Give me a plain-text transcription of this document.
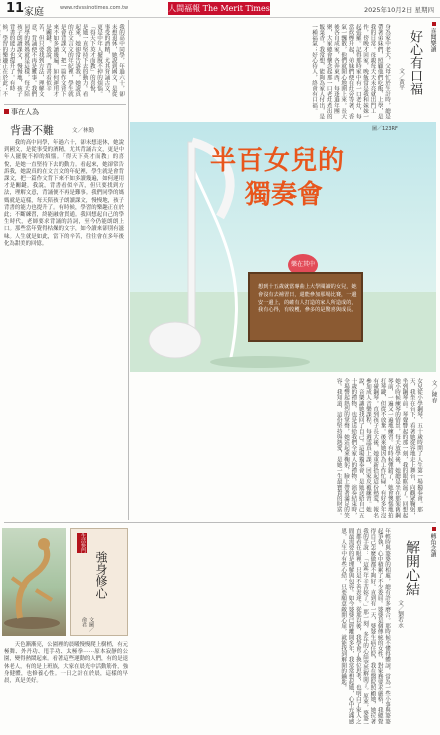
11 家庭	www.rdvssinotimes.com.tw	人間福報 The Merit Times	2025年10月2日 星期四
喜聞樂讀
好心有口福
文／黃平
身為家中老大，父母忙於生計時，總是帶著弟妹們，照顧他們吃飯、上學，是我的日常。母親每天天未亮就出門工作，傍晚才回家，晚飯常是我和妹妹一起張羅。記得那時家中有一口老灶，每當炊煙升起，弟妹們便在灶旁等著，香氣一飄散，他們就開心地圍上來。長大後各自成家，各奔東西，每逢過年團聚，大家總會懷念起那一口老灶煮出的飯菜香。我常想，能夠為家人付出，是一種福氣；好心待人，終會有口福。
我的高中同學，年過六十，卻未想退休，她說到國文，是從事受的酒精，尤其背誦古文，更是中年人擺脫不掉的煩惱。「得天下英才而教」的喜悅，是她一直堅持下去的動力。看起來，她卻常告訴我，她說真的在文言文的年紀裡，學生就是會背課文，把一篇作文背下來不如多讀幾遍，如何運用才是關鍵。我說，背書看似辛苦，但只要找到方法，理解文意，背誦便不再是難事。我們同學的媽媽就是這樣，每天陪孩子朗讀課文，慢慢地，孩子背書的能力也提升了。有時候，學習的樂趣正在於此；不
事在人為
背書不難	文／林勤

我的高中同學，年過六十，卻未想退休，她說到國文，是從事受的酒精，尤其背誦古文，更是中年人擺脫不掉的煩惱。「得天下英才而教」的喜悅，是她一直堅持下去的動力。看起來，她卻常告訴我，她說真的在文言文的年紀裡，學生就是會背課文，把一篇作文背下來不如多讀幾遍，如何運用才是關鍵。我說，背書看似辛苦，但只要找到方法，理解文意，背誦便不再是難事。我們同學的媽媽就是這樣，每天陪孩子朗讀課文，慢慢地，孩子背書的能力也提升了。有時候，學習的樂趣正在於此；不斷練習，終能融會貫通。我回想起自己的學生時代，老師要求背誦的詩詞，至今仍能朗朗上口。那些當年覺得枯燥的文字，如今讀來卻別有滋味。人生就是如此，當下的辛苦，往往會在多年後化為甜美的回憶。

圖／123RF
半百女兒的
獨奏會
樂在其中
想到十五歲就當專曲上大學閱讀的女兒，她會沒有去補習日，還能參加那場比賽，一邊安一邊上，的確有人打造的家人所造成的，我有心得，有收穫，參多的是驚喜與成長。
文／陳春
女兒從小學鋼琴，五十歲時開了人生第一場獨奏會。那天，我坐在台下，看著她從容地走上舞台，向觀眾鞠躬，坐到鋼琴前。琴聲響起的那一刻，我的眼眶濕了。回想起她小時候練琴的情景，每天放學後，她總是坐在那架舊鋼琴前，一遍又一遍地練習。有時候彈錯了，她會懊惱地拍打琴鍵，但從不放棄。後來她因為工作忙碌，有好多年沒有碰鋼琴。直到孩子長大後，她重新拾起這份熱愛，報名參加成人音樂課程，每週認真上課，回家反覆練習。她說，音樂讓她找回了自己。這場獨奏會，是她送給自己五十歲的禮物，也是送給我們全家人的禮物。演奏結束時，全場響起熱烈的掌聲，她站起來鞠躬，臉上帶著滿足的笑容。我知道，這份堅持與熱愛，是她一生最寶貴的財富。
轉角念讀
解開心結
文／劉若水
年輕時與婆婆的相處，總有許多磨合。那時候不懂得體諒，常為一些小事與婆婆起爭執，心中積累了不少委屈。婆婆是個傳統的女性，對家務要求嚴格，我總覺得自己怎麼做都不夠好。直到有一天，婆婆生病住院，我在醫院照顧她，她拉著我的手說：「這些年辛苦妳了。」那一刻，多年的心結突然解開了。原來，婆婆一直都看在眼裡，只是不善表達。從那以後，我學會了換位思考，也明白了家人之間最需要的是理解與包容。如今婆婆已經離開多年，我常常想起她，心中充滿感恩。人生中有些心結，只要願意敞開心扉，就能找到解開的鑰匙。
生活快門
強身修心
文圖／俞君

天色漸漸亮，公園裡的晨曦慢慢爬上樹梢，有元極舞、外丹功、甩手功、太極拳⋯⋯原本寂靜的公園，變得熱鬧起來。看著這些運動的人們，有的是退休老人，有的是上班族，大家在晨光中活動筋骨，強身健體，也修養心性。一日之計在於晨，這樣的早晨，真是美好。
